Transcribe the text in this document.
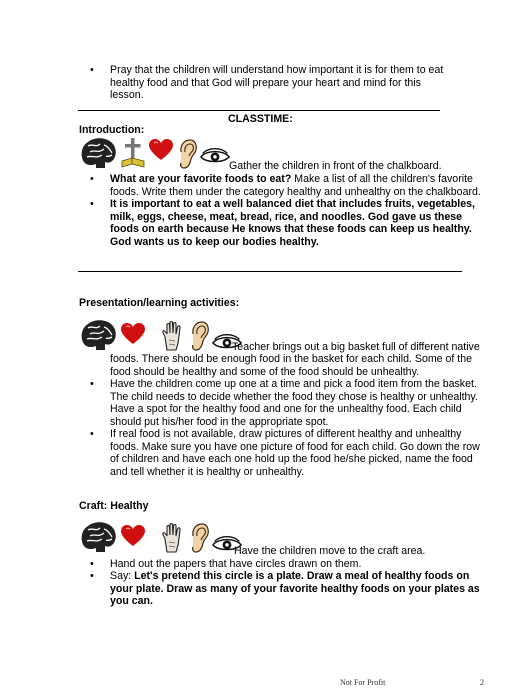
•	Pray that the children will understand how important it is for them to eat healthy food and that God will prepare your heart and mind for this lesson.
CLASSTIME:
Introduction:
Gather the children in front of the chalkboard.
•	What are your favorite foods to eat? Make a list of all the children's favorite foods. Write them under the category healthy and unhealthy on the chalkboard.
•	It is important to eat a well balanced diet that includes fruits, vegetables, milk, eggs, cheese, meat, bread, rice, and noodles. God gave us these foods on earth because He knows that these foods can keep us healthy. God wants us to keep our bodies healthy.
Presentation/learning activities:
Teacher brings out a big basket full of different native
foods. There should be enough food in the basket for each child. Some of the food should be healthy and some of the food should be unhealthy.
•	Have the children come up one at a time and pick a food item from the basket. The child needs to decide whether the food they chose is healthy or unhealthy. Have a spot for the healthy food and one for the unhealthy food. Each child should put his/her food in the appropriate spot.
•	If real food is not available, draw pictures of different healthy and unhealthy foods. Make sure you have one picture of food for each child. Go down the row of children and have each one hold up the food he/she picked, name the food and tell whether it is healthy or unhealthy.
Craft: Healthy
Have the children move to the craft area.
•	Hand out the papers that have circles drawn on them.
•	Say: Let's pretend this circle is a plate. Draw a meal of healthy foods on your plate. Draw as many of your favorite healthy foods on your plates as you can.
Not For Profit	2
